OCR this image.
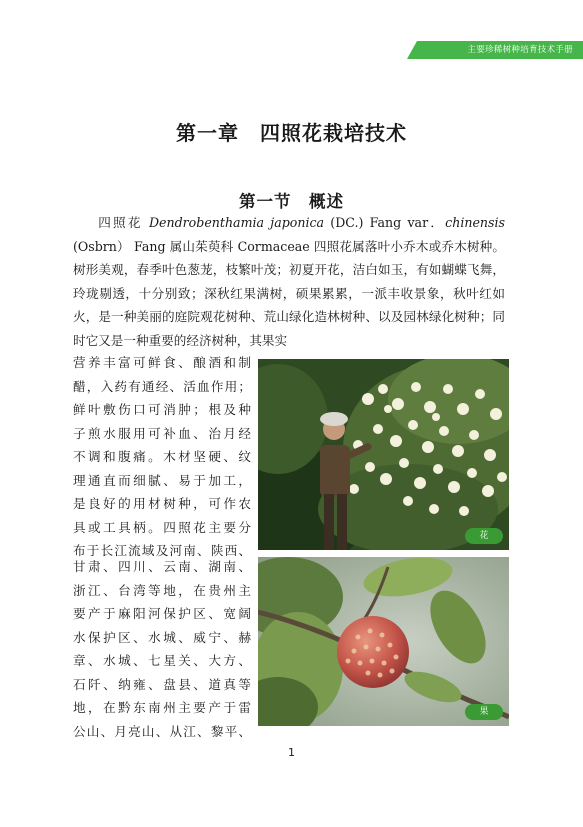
主要珍稀树种培育技术手册
第一章　四照花栽培技术
第一节　概述
四照花 Dendrobenthamia japonica (DC.) Fang var．chinensis (Osbrn） Fang 属山茱萸科 Cormaceae 四照花属落叶小乔木或乔木树种。树形美观，春季叶色葱茏，枝繁叶茂；初夏开花，洁白如玉，有如蝴蝶飞舞，玲珑剔透，十分别致；深秋红果满树，硕果累累，一派丰收景象，秋叶红如火，是一种美丽的庭院观花树种、荒山绿化造林树种、以及园林绿化树种；同时它又是一种重要的经济树种，其果实
营养丰富可鲜食、酿酒和制
醋，入药有通经、活血作用；
鲜叶敷伤口可消肿；根及种
子煎水服用可补血、治月经
不调和腹痛。木材坚硬、纹
理通直而细腻、易于加工，
是良好的用材树种，可作农
具或工具柄。四照花主要分
布于长江流域及河南、陕西、
甘肃、四川、云南、湖南、
浙江、台湾等地，在贵州主
要产于麻阳河保护区、宽阔
水保护区、水城、威宁、赫
章、水城、七星关、大方、
石阡、纳雍、盘县、道真等
地，在黔东南州主要产于雷
公山、月亮山、从江、黎平、
花
果
1
